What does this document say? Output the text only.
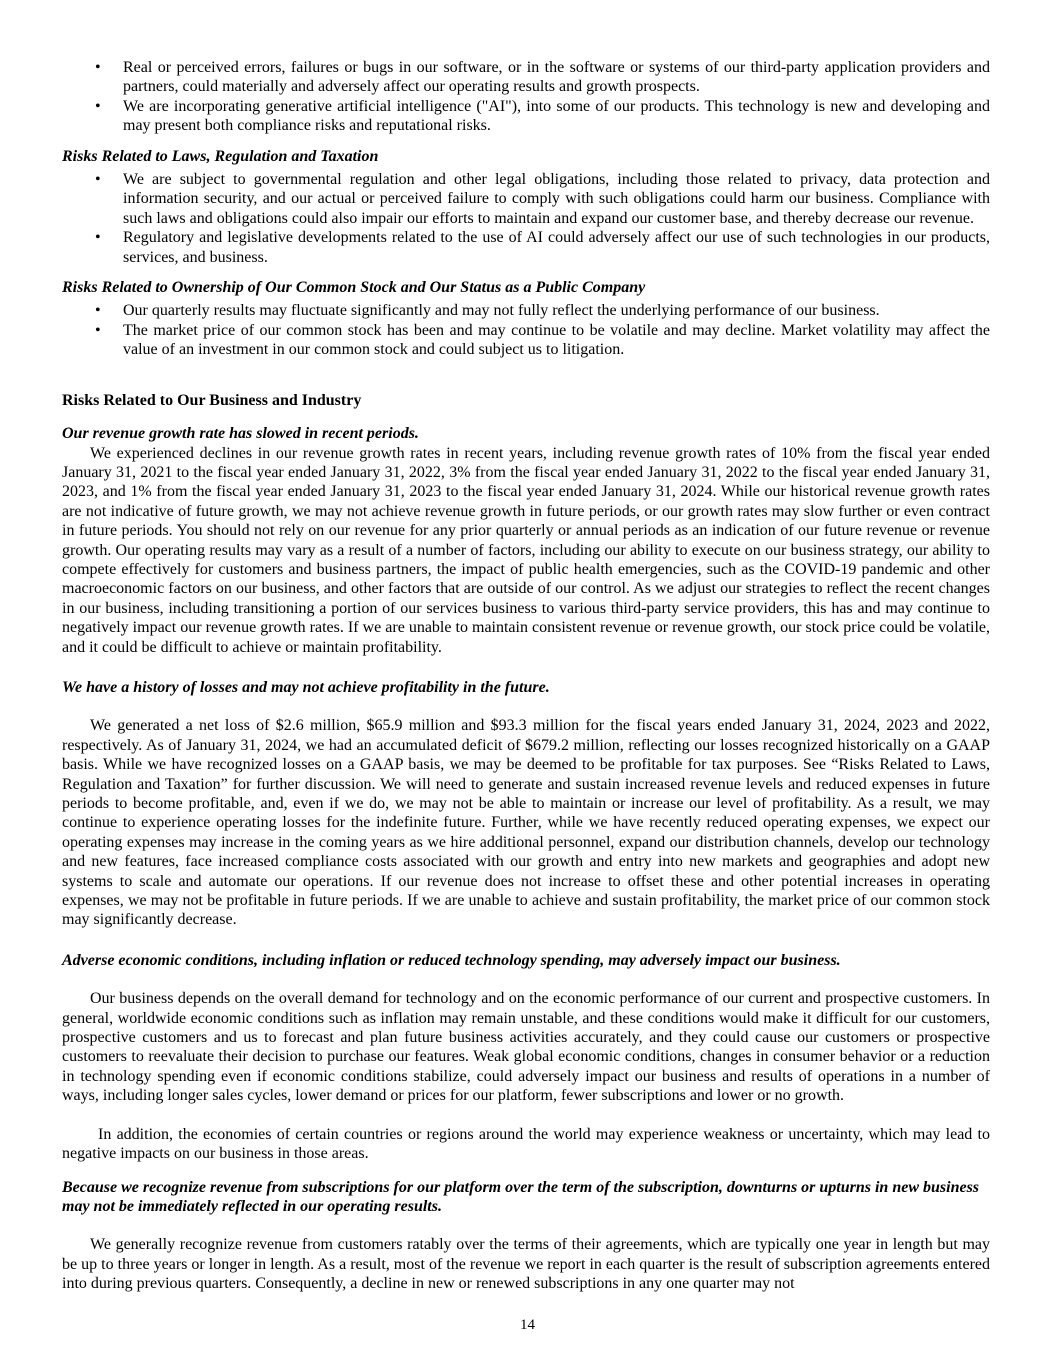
•	Real or perceived errors, failures or bugs in our software, or in the software or systems of our third-party application providers and partners, could materially and adversely affect our operating results and growth prospects.
•	We are incorporating generative artificial intelligence ("AI"), into some of our products. This technology is new and developing and may present both compliance risks and reputational risks.
Risks Related to Laws, Regulation and Taxation
•	We are subject to governmental regulation and other legal obligations, including those related to privacy, data protection and information security, and our actual or perceived failure to comply with such obligations could harm our business. Compliance with such laws and obligations could also impair our efforts to maintain and expand our customer base, and thereby decrease our revenue.
•	Regulatory and legislative developments related to the use of AI could adversely affect our use of such technologies in our products, services, and business.
Risks Related to Ownership of Our Common Stock and Our Status as a Public Company
•	Our quarterly results may fluctuate significantly and may not fully reflect the underlying performance of our business.
•	The market price of our common stock has been and may continue to be volatile and may decline. Market volatility may affect the value of an investment in our common stock and could subject us to litigation.
Risks Related to Our Business and Industry
Our revenue growth rate has slowed in recent periods.

We experienced declines in our revenue growth rates in recent years, including revenue growth rates of 10% from the fiscal year ended January 31, 2021 to the fiscal year ended January 31, 2022, 3% from the fiscal year ended January 31, 2022 to the fiscal year ended January 31, 2023, and 1% from the fiscal year ended January 31, 2023 to the fiscal year ended January 31, 2024. While our historical revenue growth rates are not indicative of future growth, we may not achieve revenue growth in future periods, or our growth rates may slow further or even contract in future periods. You should not rely on our revenue for any prior quarterly or annual periods as an indication of our future revenue or revenue growth. Our operating results may vary as a result of a number of factors, including our ability to execute on our business strategy, our ability to compete effectively for customers and business partners, the impact of public health emergencies, such as the COVID-19 pandemic and other macroeconomic factors on our business, and other factors that are outside of our control. As we adjust our strategies to reflect the recent changes in our business, including transitioning a portion of our services business to various third-party service providers, this has and may continue to negatively impact our revenue growth rates. If we are unable to maintain consistent revenue or revenue growth, our stock price could be volatile, and it could be difficult to achieve or maintain profitability.

We have a history of losses and may not achieve profitability in the future.

We generated a net loss of $2.6 million, $65.9 million and $93.3 million for the fiscal years ended January 31, 2024, 2023 and 2022, respectively. As of January 31, 2024, we had an accumulated deficit of $679.2 million, reflecting our losses recognized historically on a GAAP basis. While we have recognized losses on a GAAP basis, we may be deemed to be profitable for tax purposes. See “Risks Related to Laws, Regulation and Taxation” for further discussion. We will need to generate and sustain increased revenue levels and reduced expenses in future periods to become profitable, and, even if we do, we may not be able to maintain or increase our level of profitability. As a result, we may continue to experience operating losses for the indefinite future. Further, while we have recently reduced operating expenses, we expect our operating expenses may increase in the coming years as we hire additional personnel, expand our distribution channels, develop our technology and new features, face increased compliance costs associated with our growth and entry into new markets and geographies and adopt new systems to scale and automate our operations. If our revenue does not increase to offset these and other potential increases in operating expenses, we may not be profitable in future periods. If we are unable to achieve and sustain profitability, the market price of our common stock may significantly decrease.

Adverse economic conditions, including inflation or reduced technology spending, may adversely impact our business.

Our business depends on the overall demand for technology and on the economic performance of our current and prospective customers. In general, worldwide economic conditions such as inflation may remain unstable, and these conditions would make it difficult for our customers, prospective customers and us to forecast and plan future business activities accurately, and they could cause our customers or prospective customers to reevaluate their decision to purchase our features. Weak global economic conditions, changes in consumer behavior or a reduction in technology spending even if economic conditions stabilize, could adversely impact our business and results of operations in a number of ways, including longer sales cycles, lower demand or prices for our platform, fewer subscriptions and lower or no growth.

In addition, the economies of certain countries or regions around the world may experience weakness or uncertainty, which may lead to negative impacts on our business in those areas.

Because we recognize revenue from subscriptions for our platform over the term of the subscription, downturns or upturns in new business may not be immediately reflected in our operating results.

We generally recognize revenue from customers ratably over the terms of their agreements, which are typically one year in length but may be up to three years or longer in length. As a result, most of the revenue we report in each quarter is the result of subscription agreements entered into during previous quarters. Consequently, a decline in new or renewed subscriptions in any one quarter may not

14
